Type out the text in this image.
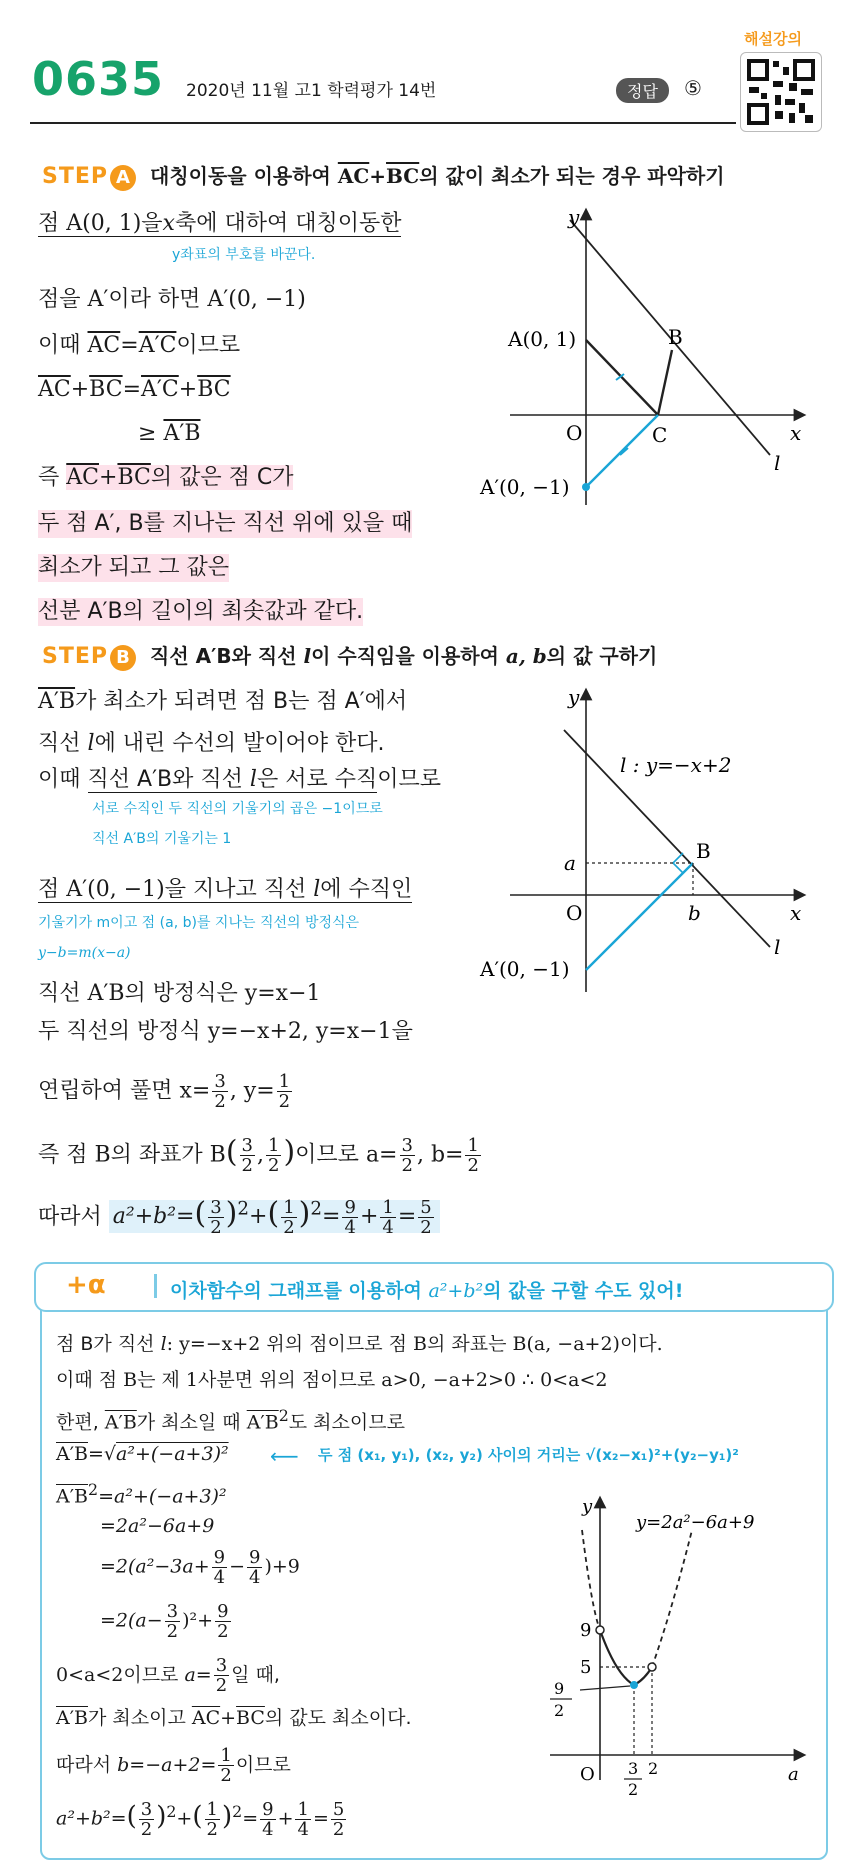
0635 2020년 11월 고1 학력평가 14번	정답	⑤
해설강의
STEP A 대칭이동을 이용하여 $\overline{AC}+\overline{BC}$의 값이 최소가 되는 경우 파악하기
점 A(0, 1)을x축에 대하여 대칭이동한
y좌표의 부호를 바꾼다.
점을 A′이라 하면 A′(0, −1)
이때 $\overline{AC}=A'C$이므로
$\overline{AC}+\overline{BC}=A'C+\overline{BC}$
≥ A′B
즉 $\overline{AC}+\overline{BC}$의 값은 점 C가
두 점 A′, B를 지나는 직선 위에 있을 때
최소가 되고 그 값은
선분 A′B의 길이의 최솟값과 같다.
y
x
O
A(0, 1)	B
C
A′(0, −1)
l
STEP B 직선 A′B와 직선 l이 수직임을 이용하여 a, b의 값 구하기
A′B가 최소가 되려면 점 B는 점 A′에서
직선 l에 내린 수선의 발이어야 한다.
이때 직선 A′B와 직선 l은 서로 수직이므로
서로 수직인 두 직선의 기울기의 곱은 −1이므로
직선 A′B의 기울기는 1
점 A′(0, −1)을 지나고 직선 l에 수직인
기울기가 m이고 점 (a, b)를 지나는 직선의 방정식은
y−b=m(x−a)
직선 A′B의 방정식은 y=x−1
두 직선의 방정식 y=−x+2, y=x−1을
연립하여 풀면 $x= \frac{3}{2}$ , $y= \frac{1}{2}$
즉 점 B의 좌표가 $B( \frac{3}{2}$ , $\frac{1}{2}$ )이므로 $a= \frac{3}{2}$ , $b= \frac{1}{2}$
따라서 $a^2+b^2=( \frac{3}{2} )^2+( \frac{1}{2} )^2= \frac{9}{4} + \frac{1}{4} = \frac{5}{2}$
y
x
O
l : y=−x+2
B
a
b
A′(0, −1)
l
+α	이차함수의 그래프를 이용하여 a²+b²의 값을 구할 수도 있어!
점 B가 직선 l: y=−x+2 위의 점이므로 점 B의 좌표는 B(a, −a+2)이다.
이때 점 B는 제 1사분면 위의 점이므로 a>0, −a+2>0 ∴ 0<a<2
한편, A′B가 최소일 때 $A'B^2$도 최소이므로
A′B=√a²+(−a+3)² ⟵ 두 점 (x₁, y₁), (x₂, y₂) 사이의 거리는 √(x₂−x₁)²+(y₂−y₁)²
$A'B^2=a^2+(-a+3)^2$
=2a²−6a+9
$=2(a^2-3a+ \frac{9}{4} - \frac{9}{4} )+9$
$=2(a- \frac{3}{2} )^2+ \frac{9}{2}$
0<a<2이므로 $a= \frac{3}{2}$ 일 때,
A′B가 최소이고 $\overline{AC}+\overline{BC}$의 값도 최소이다.
따라서 $b=-a+2= \frac{1}{2}$ 이므로
$a^2+b^2=( \frac{3}{2} )^2+( \frac{1}{2} )^2= \frac{9}{4} + \frac{1}{4} = \frac{5}{2}$
y
a
O
y=2a²−6a+9
9
5
9
2
3
2
2
